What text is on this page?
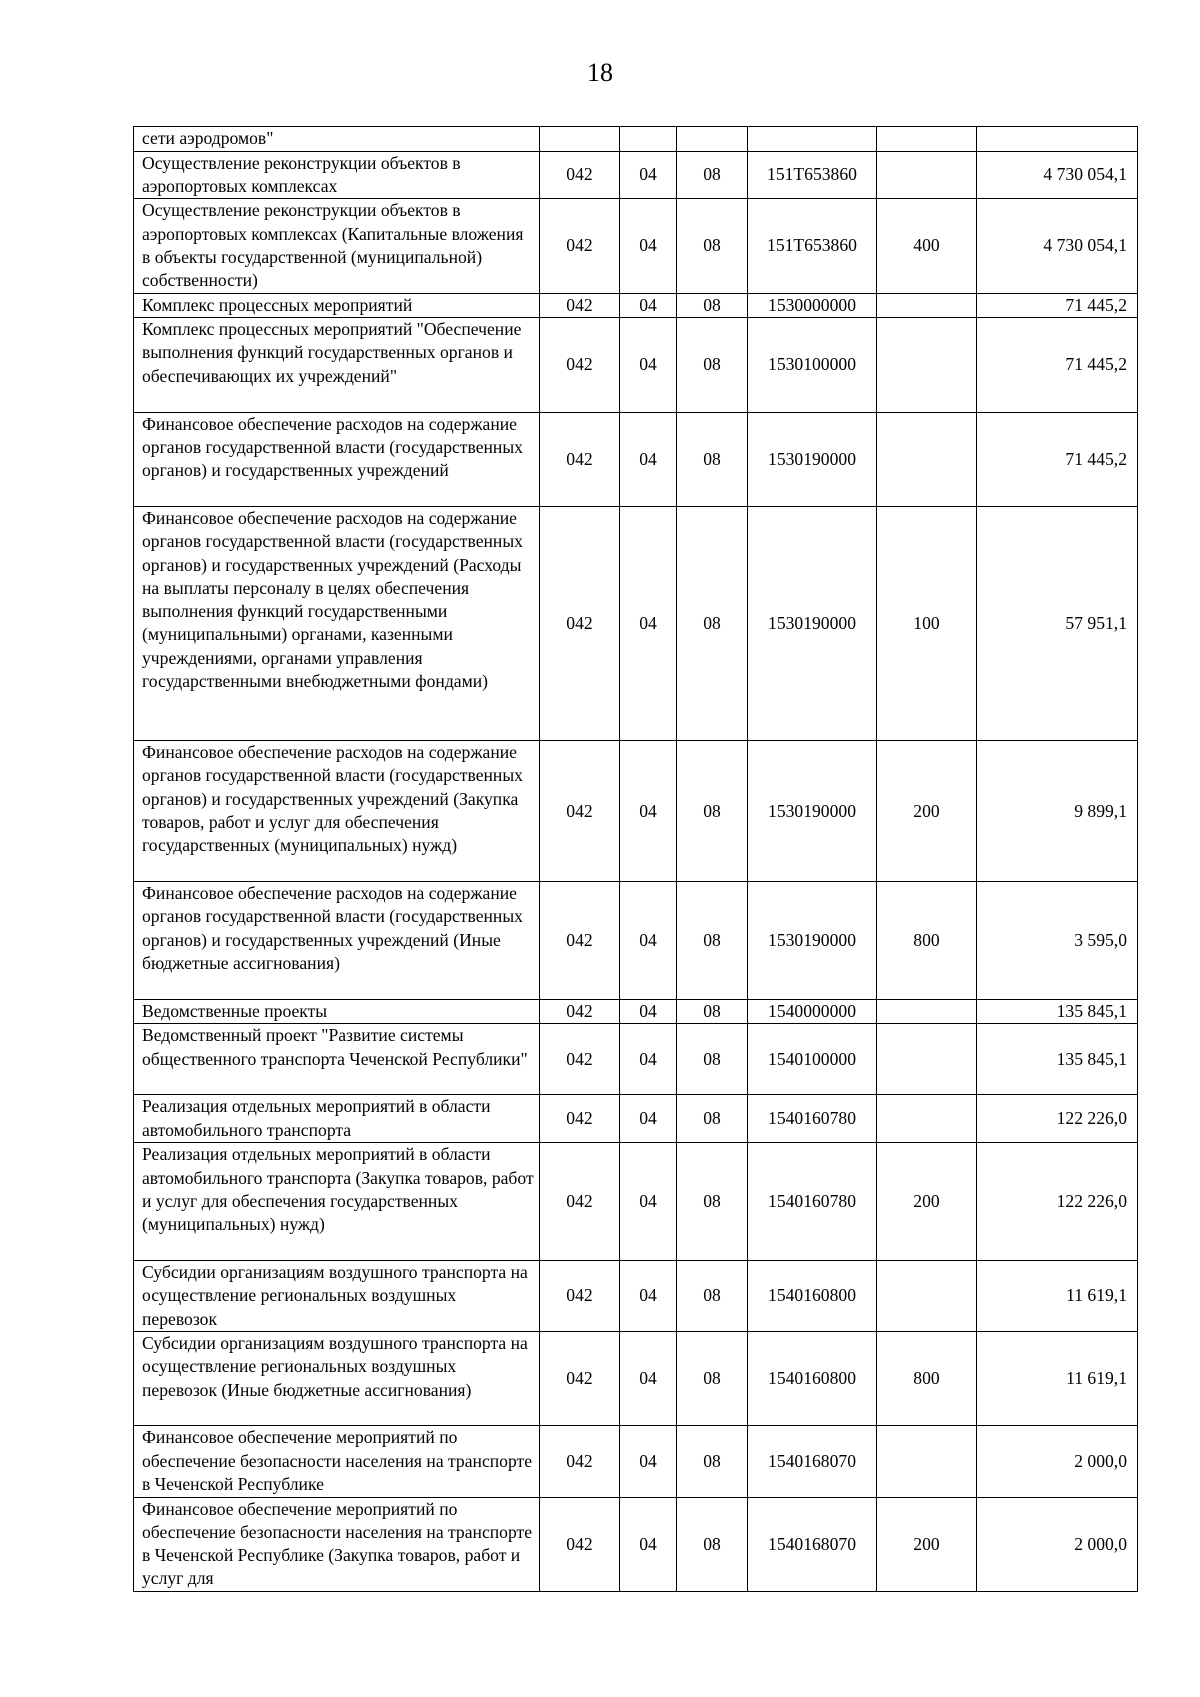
18
сети аэродромов"						
Осуществление реконструкции объектов в аэропортовых комплексах	042	04	08	151T653860		4 730 054,1
Осуществление реконструкции объектов в аэропортовых комплексах (Капитальные вложения в объекты государственной (муниципальной) собственности)	042	04	08	151T653860	400	4 730 054,1
Комплекс процессных мероприятий	042	04	08	1530000000		71 445,2
Комплекс процессных мероприятий "Обеспечение выполнения функций государственных органов и обеспечивающих их учреждений"	042	04	08	1530100000		71 445,2
Финансовое обеспечение расходов на содержание органов государственной власти (государственных органов) и государственных учреждений	042	04	08	1530190000		71 445,2
Финансовое обеспечение расходов на содержание органов государственной власти (государственных органов) и государственных учреждений (Расходы на выплаты персоналу в целях обеспечения выполнения функций государственными (муниципальными) органами, казенными учреждениями, органами управления государственными внебюджетными фондами)	042	04	08	1530190000	100	57 951,1
Финансовое обеспечение расходов на содержание органов государственной власти (государственных органов) и государственных учреждений (Закупка товаров, работ и услуг для обеспечения государственных (муниципальных) нужд)	042	04	08	1530190000	200	9 899,1
Финансовое обеспечение расходов на содержание органов государственной власти (государственных органов) и государственных учреждений (Иные бюджетные ассигнования)	042	04	08	1530190000	800	3 595,0
Ведомственные проекты	042	04	08	1540000000		135 845,1
Ведомственный проект "Развитие системы общественного транспорта Чеченской Республики"	042	04	08	1540100000		135 845,1
Реализация отдельных мероприятий в области автомобильного транспорта	042	04	08	1540160780		122 226,0
Реализация отдельных мероприятий в области автомобильного транспорта (Закупка товаров, работ и услуг для обеспечения государственных (муниципальных) нужд)	042	04	08	1540160780	200	122 226,0
Субсидии организациям воздушного транспорта на осуществление региональных воздушных перевозок	042	04	08	1540160800		11 619,1
Субсидии организациям воздушного транспорта на осуществление региональных воздушных перевозок (Иные бюджетные ассигнования)	042	04	08	1540160800	800	11 619,1
Финансовое обеспечение мероприятий по обеспечение безопасности населения на транспорте в Чеченской Республике	042	04	08	1540168070		2 000,0
Финансовое обеспечение мероприятий по обеспечение безопасности населения на транспорте в Чеченской Республике (Закупка товаров, работ и услуг для	042	04	08	1540168070	200	2 000,0
